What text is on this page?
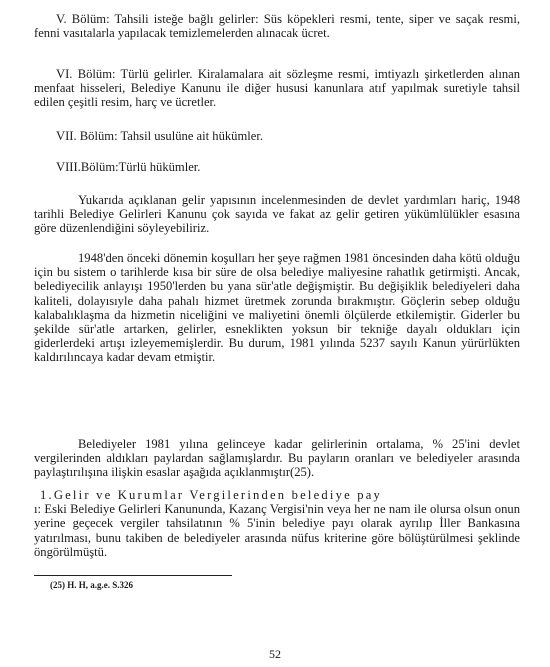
V. Bölüm: Tahsili isteğe bağlı gelirler: Süs köpekleri resmi, tente, siper ve saçak resmi, fenni vasıtalarla yapılacak temizlemelerden alınacak ücret.

VI. Bölüm: Türlü gelirler. Kiralamalara ait sözleşme resmi, imtiyazlı şirketlerden alınan menfaat hisseleri, Belediye Kanunu ile diğer hususi kanunlara atıf yapılmak suretiyle tahsil edilen çeşitli resim, harç ve ücretler.

VII. Bölüm: Tahsil usulüne ait hükümler.

VIII.Bölüm:Türlü hükümler.

Yukarıda açıklanan gelir yapısının incelenmesinden de devlet yardımları hariç, 1948 tarihli Belediye Gelirleri Kanunu çok sayıda ve fakat az gelir getiren yükümlülükler esasına göre düzenlendiğini söyleyebiliriz.

1948'den önceki dönemin koşulları her şeye rağmen 1981 öncesinden daha kötü olduğu için bu sistem o tarihlerde kısa bir süre de olsa belediye maliyesine rahatlık getirmişti. Ancak, belediyecilik anlayışı 1950'lerden bu yana sür'atle değişmiştir. Bu değişiklik belediyeleri daha kaliteli, dolayısıyle daha pahalı hizmet üretmek zorunda bırakmıştır. Göçlerin sebep olduğu kalabalıklaşma da hizmetin niceliğini ve maliyetini önemli ölçülerde etkilemiştir. Giderler bu şekilde sür'atle artarken, gelirler, esneklikten yoksun bir tekniğe dayalı oldukları için giderlerdeki artışı izleyememişlerdir. Bu durum, 1981 yılında 5237 sayılı Kanun yürürlükten kaldırılıncaya kadar devam etmiştir.

Belediyeler 1981 yılına gelinceye kadar gelirlerinin ortalama, % 25'ini devlet vergilerinden aldıkları paylardan sağlamışlardır. Bu payların oranları ve belediyeler arasında paylaştırılışına ilişkin esaslar aşağıda açıklanmıştır(25).

1.Gelir ve Kurumlar Vergilerinden belediye pay
ı: Eski Belediye Gelirleri Kanununda, Kazanç Vergisi'nin veya her ne nam ile olursa olsun onun yerine geçecek vergiler tahsilatının % 5'inin belediye payı olarak ayrılıp İller Bankasına yatırılması, bunu takiben de belediyeler arasında nüfus kriterine göre bölüştürülmesi şeklinde öngörülmüştü.

(25) H. H, a.g.e. S.326

52
